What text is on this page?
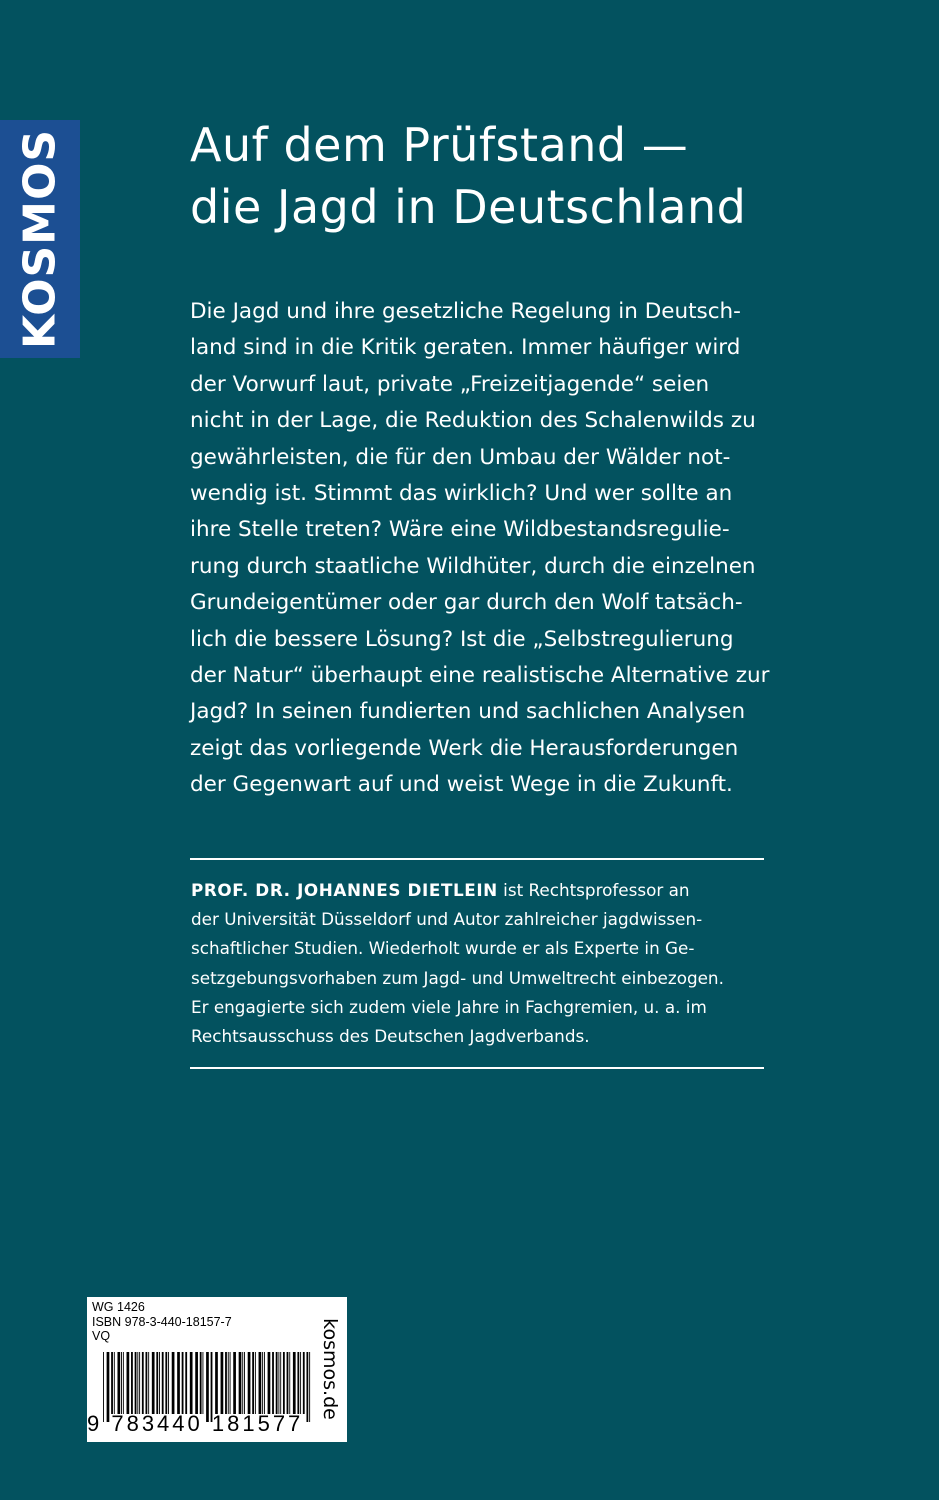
KOSMOS	Auf dem Prüfstand —
die Jagd in Deutschland
Die Jagd und ihre gesetzliche Regelung in Deutsch-
land sind in die Kritik geraten. Immer häufiger wird
der Vorwurf laut, private „Freizeitjagende“ seien
nicht in der Lage, die Reduktion des Schalenwilds zu
gewährleisten, die für den Umbau der Wälder not-
wendig ist. Stimmt das wirklich? Und wer sollte an
ihre Stelle treten? Wäre eine Wildbestandsregulie-
rung durch staatliche Wildhüter, durch die einzelnen
Grundeigentümer oder gar durch den Wolf tatsäch-
lich die bessere Lösung? Ist die „Selbstregulierung
der Natur“ überhaupt eine realistische Alternative zur
Jagd? In seinen fundierten und sachlichen Analysen
zeigt das vorliegende Werk die Herausforderungen
der Gegenwart auf und weist Wege in die Zukunft.
PROF. DR. JOHANNES DIETLEIN ist Rechtsprofessor an
der Universität Düsseldorf und Autor zahlreicher jagdwissen-
schaftlicher Studien. Wiederholt wurde er als Experte in Ge-
setzgebungsvorhaben zum Jagd- und Umweltrecht einbezogen.
Er engagierte sich zudem viele Jahre in Fachgremien, u. a. im
Rechtsausschuss des Deutschen Jagdverbands.
WG 1426
ISBN 978-3-440-18157-7
VQ
9 783440 181577
kosmos.de
